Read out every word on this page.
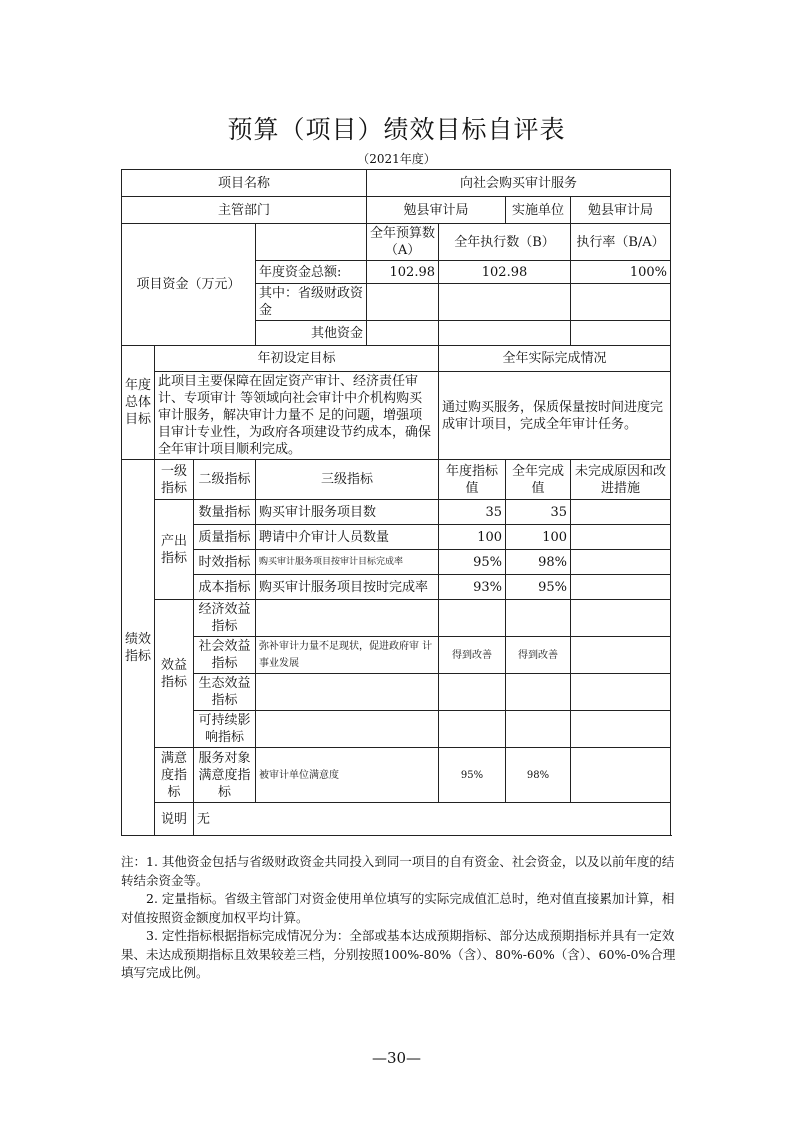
预算（项目）绩效目标自评表
（2021年度）
项目名称				向社会购买审计服务			
主管部门				勉县审计局		实施单位	勉县审计局
项目资金（万元）				全年预算数（A）	全年执行数（B）		执行率（B/A）
			年度资金总额:	102.98	102.98		100%
			其中：省级财政资金				
			其他资金				
年度总体目标	年初设定目标				全年实际完成情况		
	此项目主要保障在固定资产审计、经济责任审计、专项审计 等领域向社会审计中介机构购买审计服务，解决审计力量不 足的问题，增强项目审计专业性，为政府各项建设节约成本，确保全年审计项目顺利完成。				通过购买服务，保质保量按时间进度完成审计项目，完成全年审计任务。		
绩效指标	一级指标	二级指标	三级指标		年度指标值	全年完成值	未完成原因和改进措施
	产出指标	数量指标	购买审计服务项目数		35	35	
		质量指标	聘请中介审计人员数量		100	100	
		时效指标	购买审计服务项目按审计目标完成率		95%	98%	
		成本指标	购买审计服务项目按时完成率		93%	95%	
	效益指标	经济效益指标					
		社会效益指标	弥补审计力量不足现状，促进政府审 计事业发展		得到改善	得到改善	
		生态效益指标					
		可持续影响指标					
	满意度指标	服务对象满意度指标	被审计单位满意度		95%	98%	
	说明	无					

注：1. 其他资金包括与省级财政资金共同投入到同一项目的自有资金、社会资金，以及以前年度的结转结余资金等。

2. 定量指标。省级主管部门对资金使用单位填写的实际完成值汇总时，绝对值直接累加计算，相对值按照资金额度加权平均计算。

3. 定性指标根据指标完成情况分为：全部或基本达成预期指标、部分达成预期指标并具有一定效果、未达成预期指标且效果较差三档，分别按照100%-80%（含）、80%-60%（含）、60%-0%合理填写完成比例。

—30—
